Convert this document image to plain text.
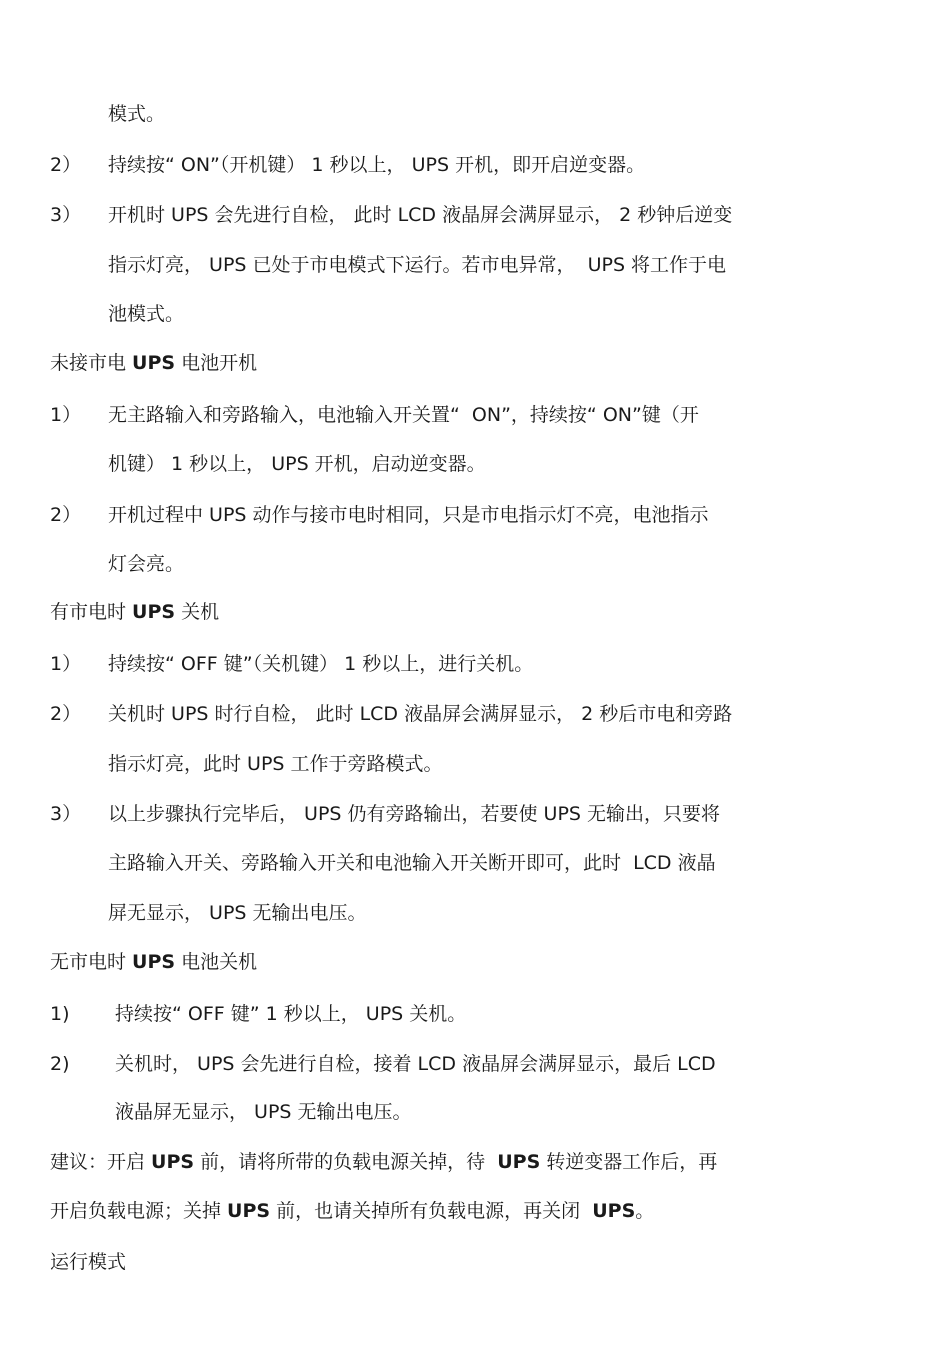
模式。
2） 持续按“ ON”（开机键） 1 秒以上， UPS 开机，即开启逆变器。
3） 开机时 UPS 会先进行自检， 此时 LCD 液晶屏会满屏显示， 2 秒钟后逆变
指示灯亮， UPS 已处于市电模式下运行。若市电异常，  UPS 将工作于电
池模式。
未接市电 UPS 电池开机
1） 无主路输入和旁路输入，电池输入开关置“  ON”，持续按“ ON”键（开
机键） 1 秒以上， UPS 开机，启动逆变器。
2） 开机过程中 UPS 动作与接市电时相同，只是市电指示灯不亮，电池指示
灯会亮。
有市电时 UPS 关机
1） 持续按“ OFF 键”（关机键） 1 秒以上，进行关机。
2） 关机时 UPS 时行自检， 此时 LCD 液晶屏会满屏显示， 2 秒后市电和旁路
指示灯亮，此时 UPS 工作于旁路模式。
3） 以上步骤执行完毕后， UPS 仍有旁路输出，若要使 UPS 无输出，只要将
主路输入开关、旁路输入开关和电池输入开关断开即可，此时  LCD 液晶
屏无显示， UPS 无输出电压。
无市电时 UPS 电池关机
1) 持续按“ OFF 键” 1 秒以上， UPS 关机。
2) 关机时， UPS 会先进行自检，接着 LCD 液晶屏会满屏显示，最后 LCD
液晶屏无显示， UPS 无输出电压。
建议：开启 UPS 前，请将所带的负载电源关掉，待  UPS 转逆变器工作后，再
开启负载电源；关掉 UPS 前，也请关掉所有负载电源，再关闭  UPS。
运行模式
